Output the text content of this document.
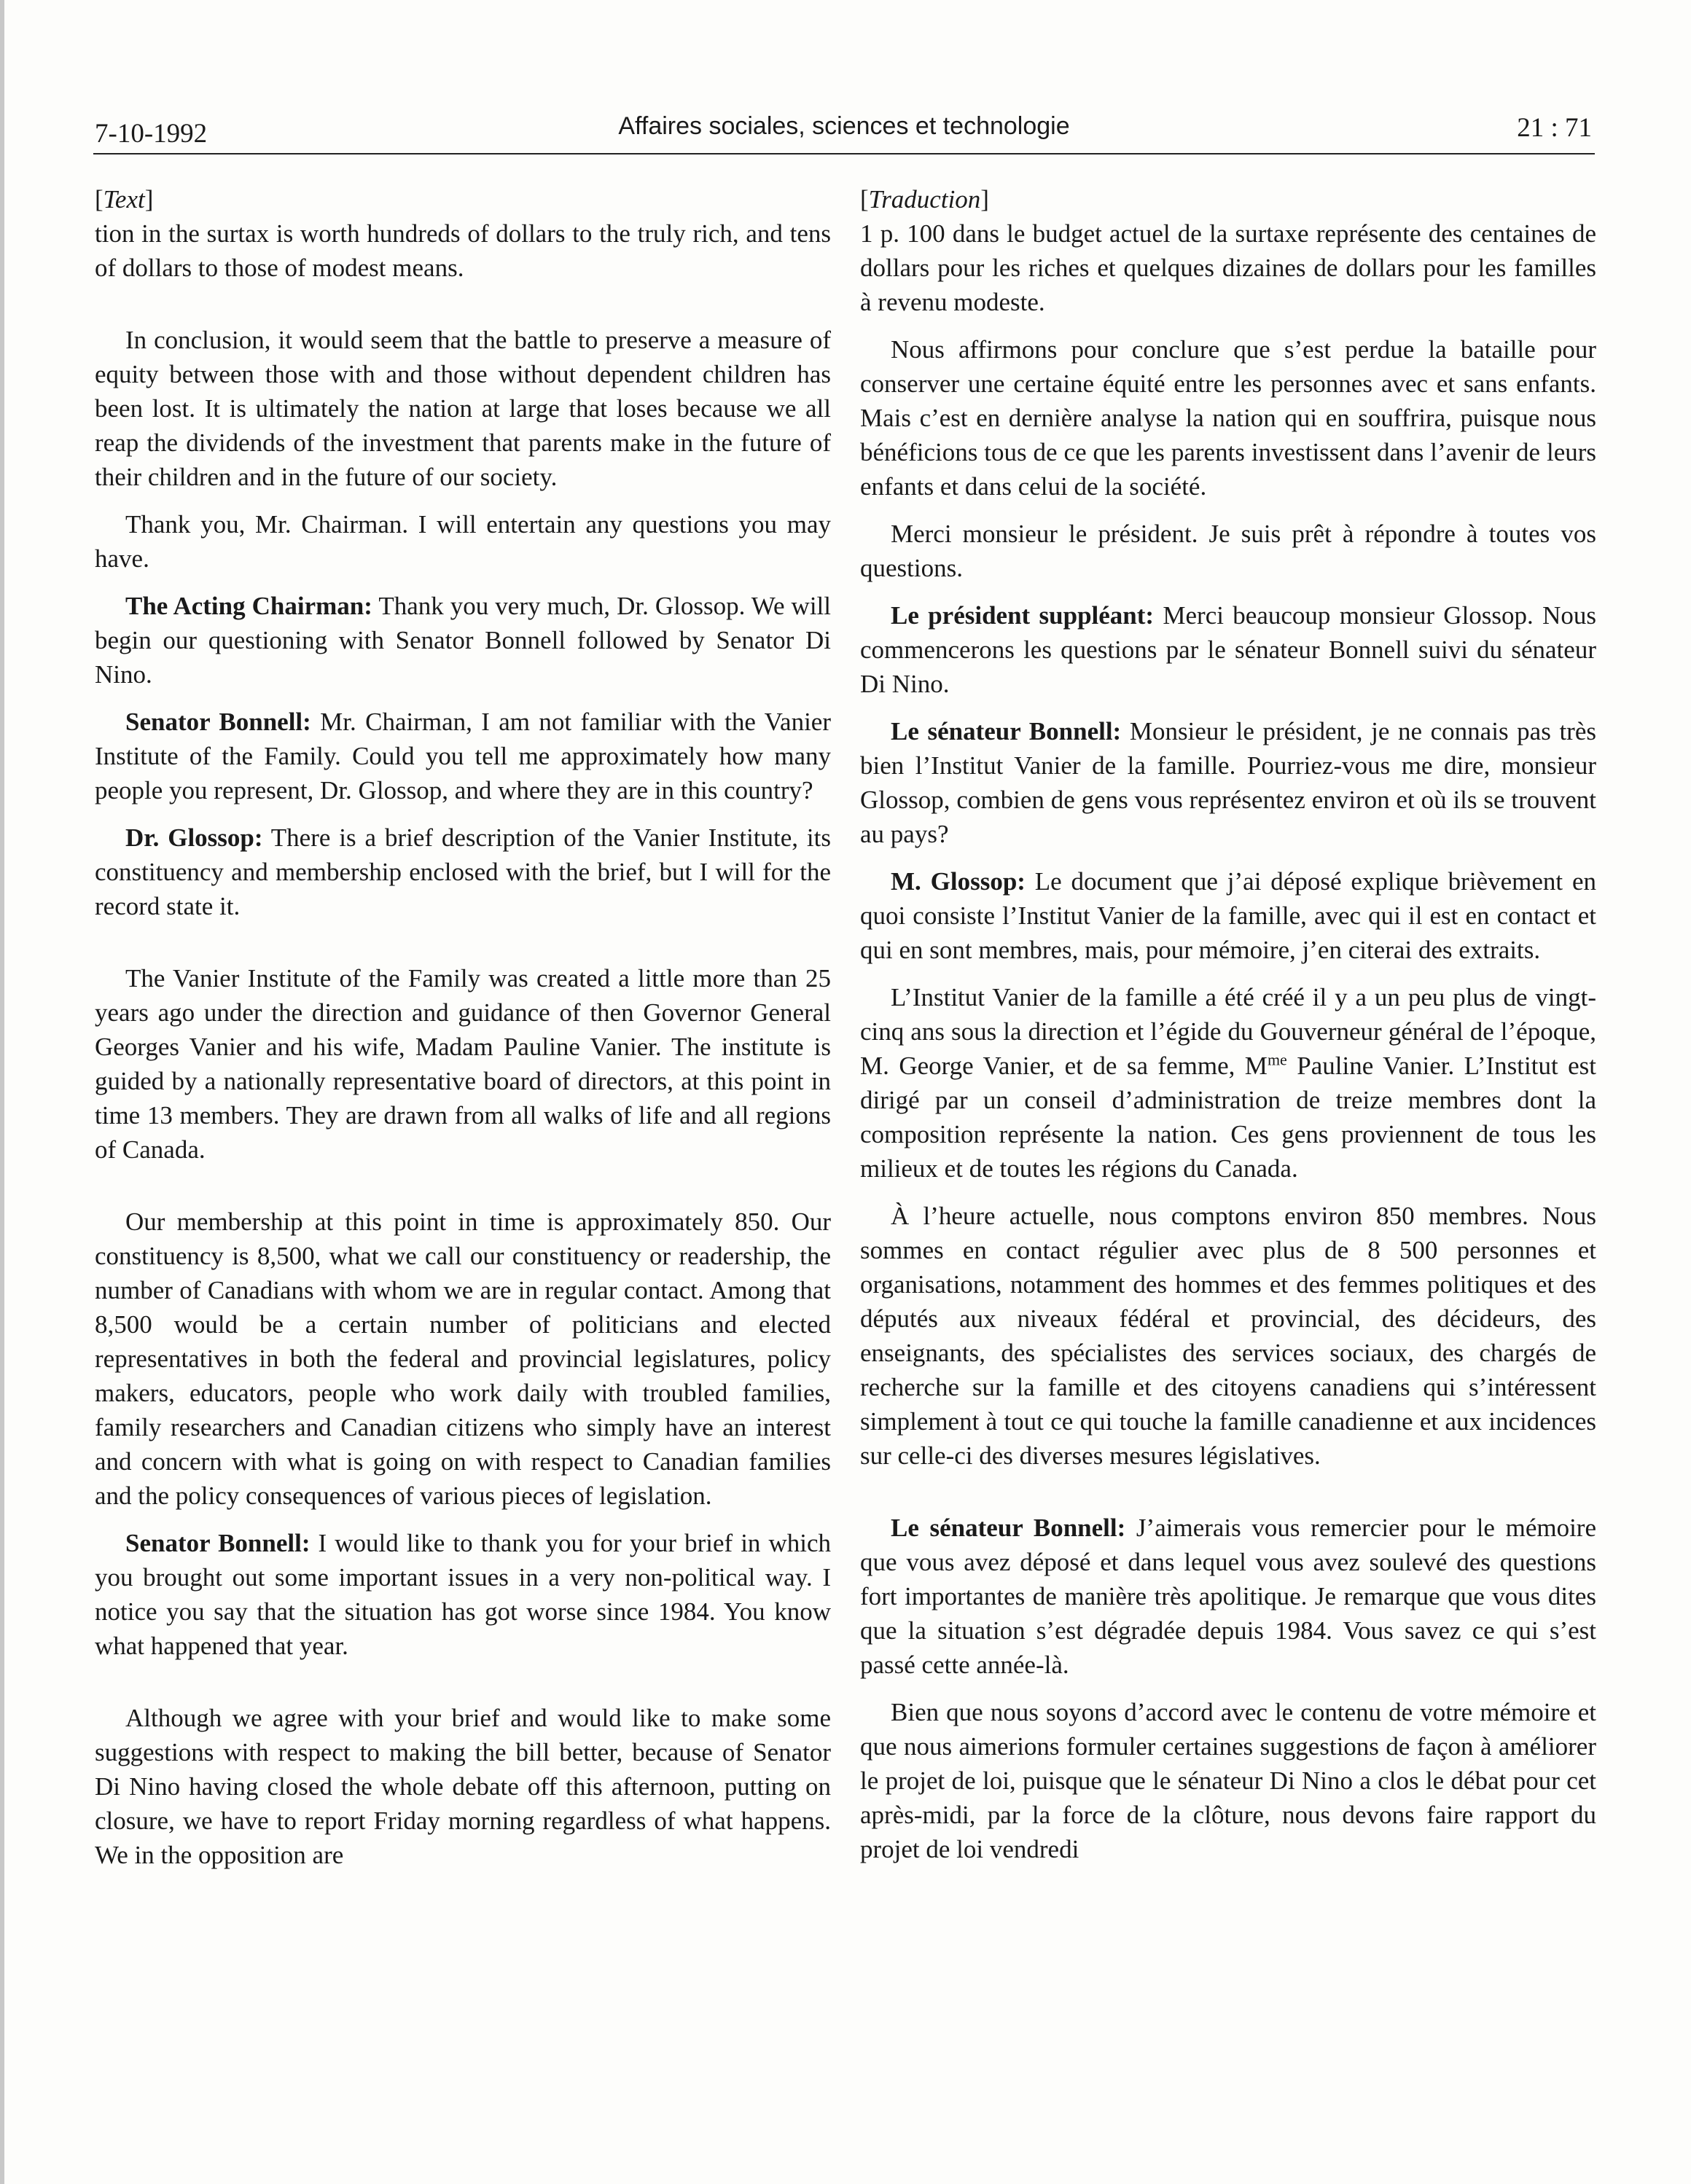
7-10-1992	Affaires sociales, sciences et technologie	21 : 71
[Text]

tion in the surtax is worth hundreds of dollars to the truly rich, and tens of dollars to those of modest means.

In conclusion, it would seem that the battle to preserve a measure of equity between those with and those without dependent children has been lost. It is ultimately the nation at large that loses because we all reap the dividends of the investment that parents make in the future of their children and in the future of our society.

Thank you, Mr. Chairman. I will entertain any questions you may have.

The Acting Chairman: Thank you very much, Dr. Glossop. We will begin our questioning with Senator Bonnell followed by Senator Di Nino.

Senator Bonnell: Mr. Chairman, I am not familiar with the Vanier Institute of the Family. Could you tell me approximately how many people you represent, Dr. Glossop, and where they are in this country?

Dr. Glossop: There is a brief description of the Vanier Institute, its constituency and membership enclosed with the brief, but I will for the record state it.

The Vanier Institute of the Family was created a little more than 25 years ago under the direction and guidance of then Governor General Georges Vanier and his wife, Madam Pauline Vanier. The institute is guided by a nationally representative board of directors, at this point in time 13 members. They are drawn from all walks of life and all regions of Canada.

Our membership at this point in time is approximately 850. Our constituency is 8,500, what we call our constituency or readership, the number of Canadians with whom we are in regular contact. Among that 8,500 would be a certain number of politicians and elected representatives in both the federal and provincial legislatures, policy makers, educators, people who work daily with troubled families, family researchers and Canadian citizens who simply have an interest and concern with what is going on with respect to Canadian families and the policy consequences of various pieces of legislation.

Senator Bonnell: I would like to thank you for your brief in which you brought out some important issues in a very non-political way. I notice you say that the situation has got worse since 1984. You know what happened that year.

Although we agree with your brief and would like to make some suggestions with respect to making the bill better, because of Senator Di Nino having closed the whole debate off this afternoon, putting on closure, we have to report Friday morning regardless of what happens. We in the opposition are

[Traduction]

1 p. 100 dans le budget actuel de la surtaxe représente des centaines de dollars pour les riches et quelques dizaines de dollars pour les familles à revenu modeste.

Nous affirmons pour conclure que s’est perdue la bataille pour conserver une certaine équité entre les personnes avec et sans enfants. Mais c’est en dernière analyse la nation qui en souffrira, puisque nous bénéficions tous de ce que les parents investissent dans l’avenir de leurs enfants et dans celui de la société.

Merci monsieur le président. Je suis prêt à répondre à toutes vos questions.

Le président suppléant: Merci beaucoup monsieur Glossop. Nous commencerons les questions par le sénateur Bonnell suivi du sénateur Di Nino.

Le sénateur Bonnell: Monsieur le président, je ne connais pas très bien l’Institut Vanier de la famille. Pourriez-vous me dire, monsieur Glossop, combien de gens vous représentez environ et où ils se trouvent au pays?

M. Glossop: Le document que j’ai déposé explique brièvement en quoi consiste l’Institut Vanier de la famille, avec qui il est en contact et qui en sont membres, mais, pour mémoire, j’en citerai des extraits.

L’Institut Vanier de la famille a été créé il y a un peu plus de vingt-cinq ans sous la direction et l’égide du Gouverneur général de l’époque, M. George Vanier, et de sa femme, $M^{me}$ Pauline Vanier. L’Institut est dirigé par un conseil d’administration de treize membres dont la composition représente la nation. Ces gens proviennent de tous les milieux et de toutes les régions du Canada.

À l’heure actuelle, nous comptons environ 850 membres. Nous sommes en contact régulier avec plus de 8 500 personnes et organisations, notamment des hommes et des femmes politiques et des députés aux niveaux fédéral et provincial, des décideurs, des enseignants, des spécialistes des services sociaux, des chargés de recherche sur la famille et des citoyens canadiens qui s’intéressent simplement à tout ce qui touche la famille canadienne et aux incidences sur celle-ci des diverses mesures législatives.

Le sénateur Bonnell: J’aimerais vous remercier pour le mémoire que vous avez déposé et dans lequel vous avez soulevé des questions fort importantes de manière très apolitique. Je remarque que vous dites que la situation s’est dégradée depuis 1984. Vous savez ce qui s’est passé cette année-là.

Bien que nous soyons d’accord avec le contenu de votre mémoire et que nous aimerions formuler certaines suggestions de façon à améliorer le projet de loi, puisque que le sénateur Di Nino a clos le débat pour cet après-midi, par la force de la clôture, nous devons faire rapport du projet de loi vendredi
